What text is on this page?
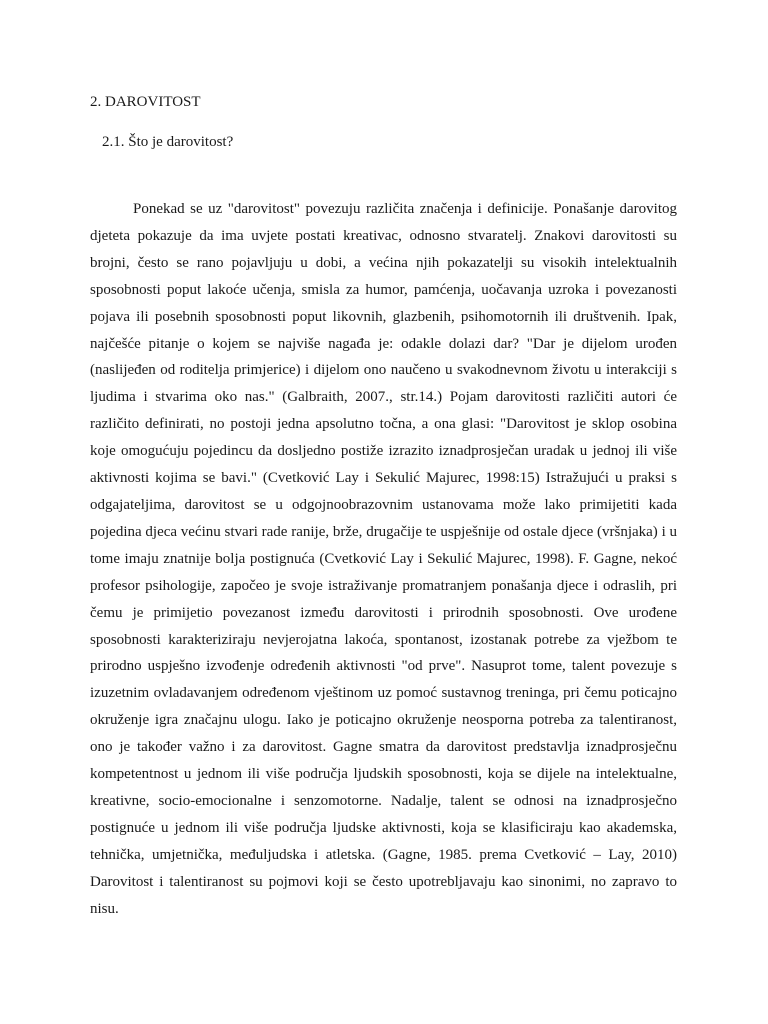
2. DAROVITOST
2.1. Što je darovitost?

Ponekad se uz "darovitost" povezuju različita značenja i definicije. Ponašanje darovitog djeteta pokazuje da ima uvjete postati kreativac, odnosno stvaratelj. Znakovi darovitosti su brojni, često se rano pojavljuju u dobi, a većina njih pokazatelji su visokih intelektualnih sposobnosti poput lakoće učenja, smisla za humor, pamćenja, uočavanja uzroka i povezanosti pojava ili posebnih sposobnosti poput likovnih, glazbenih, psihomotornih ili društvenih. Ipak, najčešće pitanje o kojem se najviše nagađa je: odakle dolazi dar? "Dar je dijelom urođen (naslijeđen od roditelja primjerice) i dijelom ono naučeno u svakodnevnom životu u interakciji s ljudima i stvarima oko nas." (Galbraith, 2007., str.14.) Pojam darovitosti različiti autori će različito definirati, no postoji jedna apsolutno točna, a ona glasi: "Darovitost je sklop osobina koje omogućuju pojedincu da dosljedno postiže izrazito iznadprosječan uradak u jednoj ili više aktivnosti kojima se bavi." (Cvetković Lay i Sekulić Majurec, 1998:15) Istražujući u praksi s odgajateljima, darovitost se u odgojnoobrazovnim ustanovama može lako primijetiti kada pojedina djeca većinu stvari rade ranije, brže, drugačije te uspješnije od ostale djece (vršnjaka) i u tome imaju znatnije bolja postignuća (Cvetković Lay i Sekulić Majurec, 1998). F. Gagne, nekoć profesor psihologije, započeo je svoje istraživanje promatranjem ponašanja djece i odraslih, pri čemu je primijetio povezanost između darovitosti i prirodnih sposobnosti. Ove urođene sposobnosti karakteriziraju nevjerojatna lakoća, spontanost, izostanak potrebe za vježbom te prirodno uspješno izvođenje određenih aktivnosti "od prve". Nasuprot tome, talent povezuje s izuzetnim ovladavanjem određenom vještinom uz pomoć sustavnog treninga, pri čemu poticajno okruženje igra značajnu ulogu. Iako je poticajno okruženje neosporna potreba za talentiranost, ono je također važno i za darovitost. Gagne smatra da darovitost predstavlja iznadprosječnu kompetentnost u jednom ili više područja ljudskih sposobnosti, koja se dijele na intelektualne, kreativne, socio-emocionalne i senzomotorne. Nadalje, talent se odnosi na iznadprosječno postignuće u jednom ili više područja ljudske aktivnosti, koja se klasificiraju kao akademska, tehnička, umjetnička, međuljudska i atletska. (Gagne, 1985. prema Cvetković – Lay, 2010) Darovitost i talentiranost su pojmovi koji se često upotrebljavaju kao sinonimi, no zapravo to nisu.
